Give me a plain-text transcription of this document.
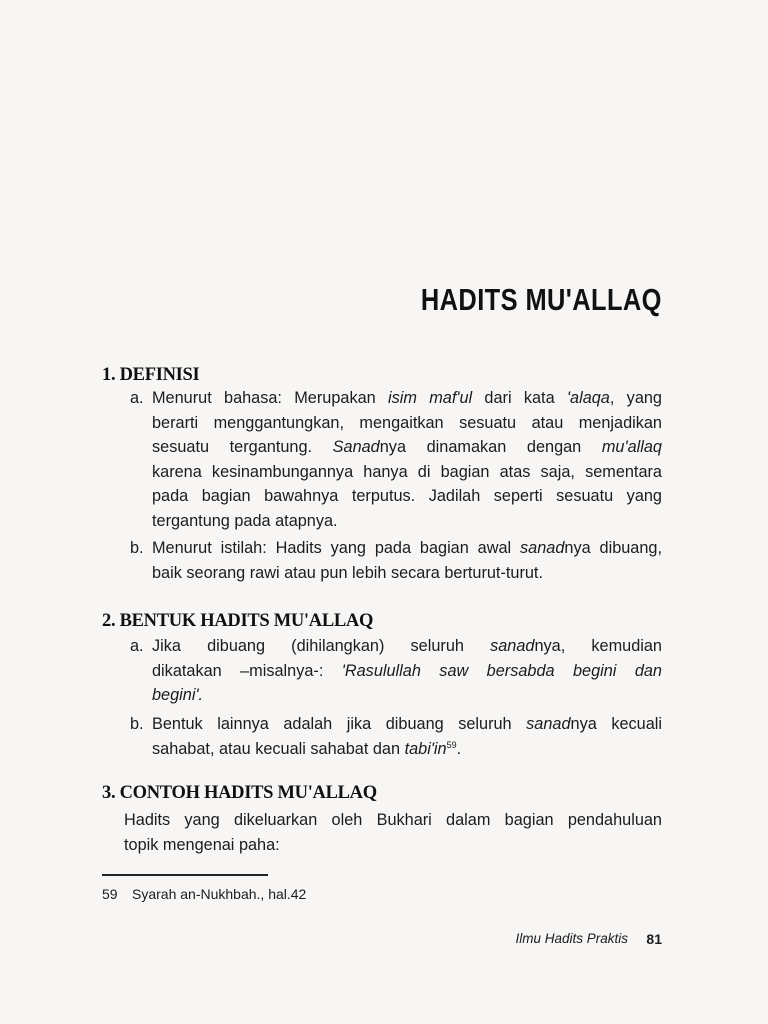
HADITS MU'ALLAQ
1. DEFINISI
a. Menurut bahasa: Merupakan isim maf'ul dari kata 'alaqa, yang
berarti menggantungkan, mengaitkan sesuatu atau menjadikan
sesuatu tergantung. Sanadnya dinamakan dengan mu'allaq
karena kesinambungannya hanya di bagian atas saja, sementara
pada bagian bawahnya terputus. Jadilah seperti sesuatu yang
tergantung pada atapnya.
b. Menurut istilah: Hadits yang pada bagian awal sanadnya dibuang,
baik seorang rawi atau pun lebih secara berturut-turut.
2. BENTUK HADITS MU'ALLAQ
a. Jika dibuang (dihilangkan) seluruh sanadnya, kemudian
dikatakan –misalnya-: 'Rasulullah saw bersabda begini dan
begini'.
b. Bentuk lainnya adalah jika dibuang seluruh sanadnya kecuali
sahabat, atau kecuali sahabat dan $tabi'in^{59}$.
3. CONTOH HADITS MU'ALLAQ
Hadits yang dikeluarkan oleh Bukhari dalam bagian pendahuluan
topik mengenai paha:
59 Syarah an-Nukhbah., hal.42
Ilmu Hadits Praktis 81
